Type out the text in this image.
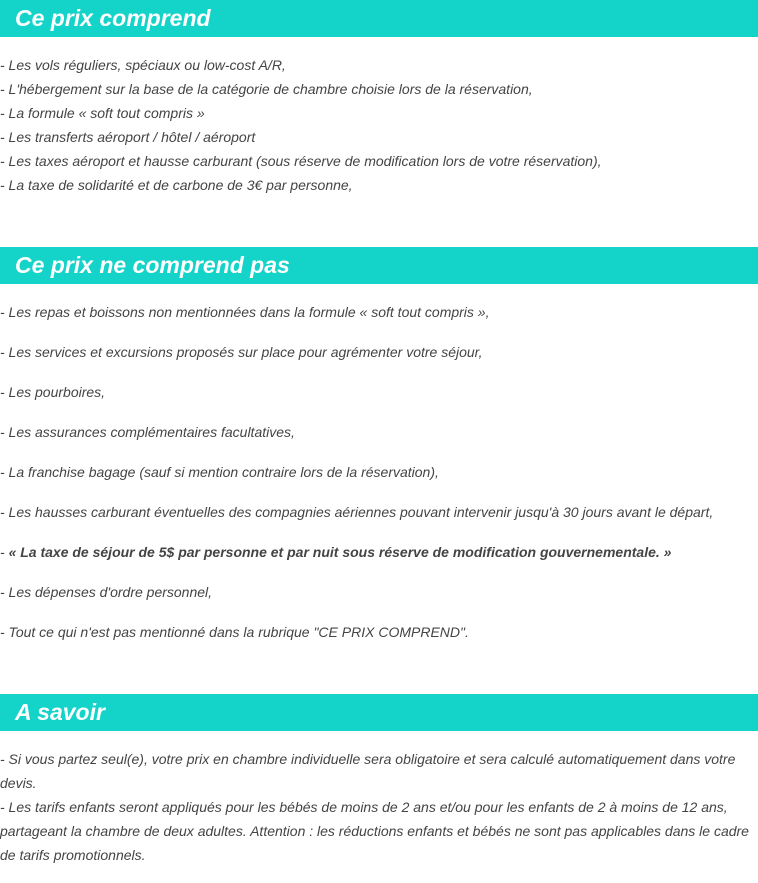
Ce prix comprend

- Les vols réguliers, spéciaux ou low-cost A/R,

- L'hébergement sur la base de la catégorie de chambre choisie lors de la réservation,

- La formule « soft tout compris »

- Les transferts aéroport / hôtel / aéroport

- Les taxes aéroport et hausse carburant (sous réserve de modification lors de votre réservation),

- La taxe de solidarité et de carbone de 3€ par personne,

Ce prix ne comprend pas

- Les repas et boissons non mentionnées dans la formule « soft tout compris »,

- Les services et excursions proposés sur place pour agrémenter votre séjour,

- Les pourboires,

- Les assurances complémentaires facultatives,

- La franchise bagage (sauf si mention contraire lors de la réservation),

- Les hausses carburant éventuelles des compagnies aériennes pouvant intervenir jusqu'à 30 jours avant le départ,

- « La taxe de séjour de 5$ par personne et par nuit sous réserve de modification gouvernementale. »

- Les dépenses d'ordre personnel,

- Tout ce qui n'est pas mentionné dans la rubrique "CE PRIX COMPREND".

A savoir

- Si vous partez seul(e), votre prix en chambre individuelle sera obligatoire et sera calculé automatiquement dans votre devis.

- Les tarifs enfants seront appliqués pour les bébés de moins de 2 ans et/ou pour les enfants de 2 à moins de 12 ans, partageant la chambre de deux adultes. Attention : les réductions enfants et bébés ne sont pas applicables dans le cadre de tarifs promotionnels.
